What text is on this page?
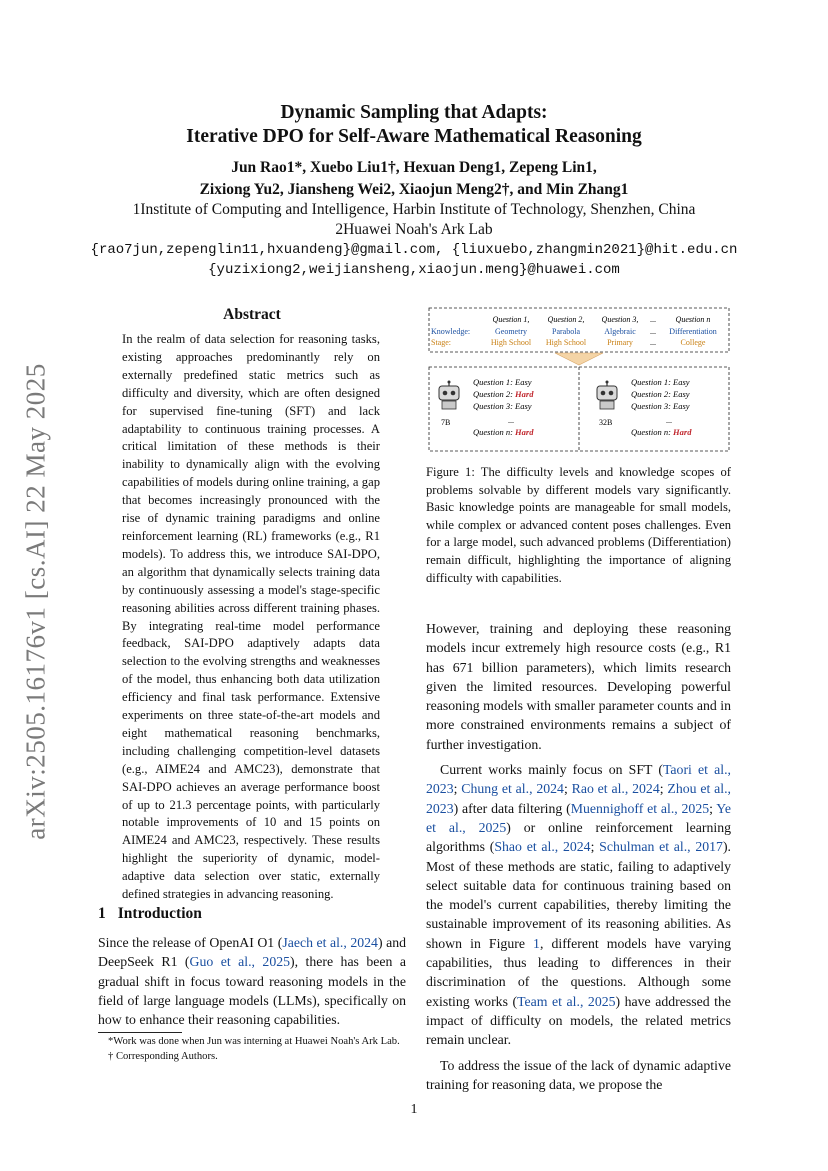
arXiv:2505.16176v1 [cs.AI] 22 May 2025
Dynamic Sampling that Adapts:
Iterative DPO for Self-Aware Mathematical Reasoning
Jun Rao1*, Xuebo Liu1†, Hexuan Deng1, Zepeng Lin1,
Zixiong Yu2, Jiansheng Wei2, Xiaojun Meng2†, and Min Zhang1
1Institute of Computing and Intelligence, Harbin Institute of Technology, Shenzhen, China
2Huawei Noah's Ark Lab
{rao7jun,zepenglin11,hxuandeng}@gmail.com, {liuxuebo,zhangmin2021}@hit.edu.cn
{yuzixiong2,weijiansheng,xiaojun.meng}@huawei.com
Abstract
In the realm of data selection for reasoning tasks, existing approaches predominantly rely on externally predefined static metrics such as difficulty and diversity, which are often designed for supervised fine-tuning (SFT) and lack adaptability to continuous training processes. A critical limitation of these methods is their inability to dynamically align with the evolving capabilities of models during online training, a gap that becomes increasingly pronounced with the rise of dynamic training paradigms and online reinforcement learning (RL) frameworks (e.g., R1 models). To address this, we introduce SAI-DPO, an algorithm that dynamically selects training data by continuously assessing a model's stage-specific reasoning abilities across different training phases. By integrating real-time model performance feedback, SAI-DPO adaptively adapts data selection to the evolving strengths and weaknesses of the model, thus enhancing both data utilization efficiency and final task performance. Extensive experiments on three state-of-the-art models and eight mathematical reasoning benchmarks, including challenging competition-level datasets (e.g., AIME24 and AMC23), demonstrate that SAI-DPO achieves an average performance boost of up to 21.3 percentage points, with particularly notable improvements of 10 and 15 points on AIME24 and AMC23, respectively. These results highlight the superiority of dynamic, model-adaptive data selection over static, externally defined strategies in advancing reasoning.
1 Introduction
Since the release of OpenAI O1 (Jaech et al., 2024) and DeepSeek R1 (Guo et al., 2025), there has been a gradual shift in focus toward reasoning models in the field of large language models (LLMs), specifically on how to enhance their reasoning capabilities.

*Work was done when Jun was interning at Huawei Noah's Ark Lab.

† Corresponding Authors.

Knowledge:
Stage:
Question 1,
Geometry
High School
Question 2,
Parabola
High School
Question 3,
Algebraic
Primary
Question n
Differentiation
College
...
...
...
7B	32B
Question 1: Easy
Question 2: Hard
Question 3: Easy
Question n: Hard
...
Question 1: Easy
Question 2: Easy
Question 3: Easy
Question n: Hard
...
Figure 1: The difficulty levels and knowledge scopes of problems solvable by different models vary significantly. Basic knowledge points are manageable for small models, while complex or advanced content poses challenges. Even for a large model, such advanced problems (Differentiation) remain difficult, highlighting the importance of aligning difficulty with capabilities.

However, training and deploying these reasoning models incur extremely high resource costs (e.g., R1 has 671 billion parameters), which limits research given the limited resources. Developing powerful reasoning models with smaller parameter counts and in more constrained environments remains a subject of further investigation.

Current works mainly focus on SFT (Taori et al., 2023; Chung et al., 2024; Rao et al., 2024; Zhou et al., 2023) after data filtering (Muennighoff et al., 2025; Ye et al., 2025) or online reinforcement learning algorithms (Shao et al., 2024; Schulman et al., 2017). Most of these methods are static, failing to adaptively select suitable data for continuous training based on the model's current capabilities, thereby limiting the sustainable improvement of its reasoning abilities. As shown in Figure 1, different models have varying capabilities, thus leading to differences in their discrimination of the questions. Although some existing works (Team et al., 2025) have addressed the impact of difficulty on models, the related metrics remain unclear.

To address the issue of the lack of dynamic adaptive training for reasoning data, we propose the

1
